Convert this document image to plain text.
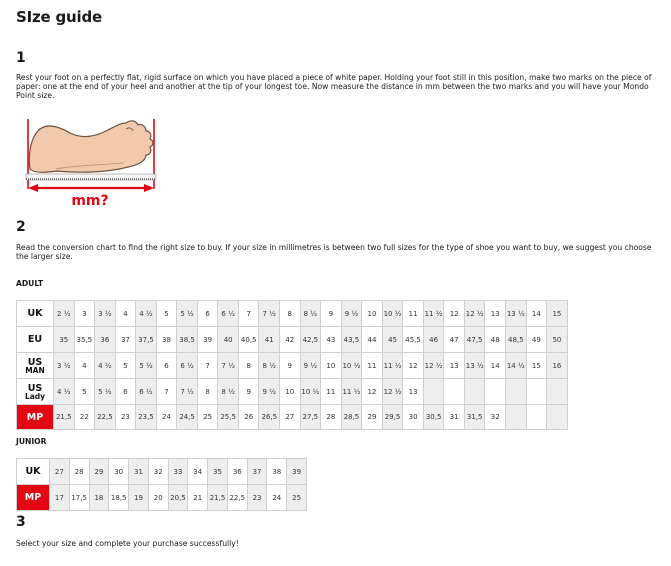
SIze guide
1
Rest your foot on a perfectly flat, rigid surface on which you have placed a piece of white paper. Holding your foot still in this position, make two marks on the piece of paper: one at the end of your heel and another at the tip of your longest toe. Now measure the distance in mm between the two marks and you will have your Mondo Point size.
mm?
2
Read the conversion chart to find the right size to buy. If your size in millimetres is between two full sizes for the type of shoe you want to buy, we suggest you choose the larger size.
ADULT
UK	2 ½	3	3 ½	4	4 ½	5	5 ½	6	6 ½	7	7 ½	8	8 ½	9	9 ½	10	10 ½	11	11 ½	12	12 ½	13	13 ½	14	15
EU	35	35,5	36	37	37,5	38	38,5	39	40	40,5	41	42	42,5	43	43,5	44	45	45,5	46	47	47,5	48	48,5	49	50
US
MAN	3 ½	4	4 ½	5	5 ½	6	6 ½	7	7 ½	8	8 ½	9	9 ½	10	10 ½	11	11 ½	12	12 ½	13	13 ½	14	14 ½	15	16
US
Lady	4 ½	5	5 ½	6	6 ½	7	7 ½	8	8 ½	9	9 ½	10	10 ½	11	11 ½	12	12 ½	13							
MP	21,5	22	22,5	23	23,5	24	24,5	25	25,5	26	26,5	27	27,5	28	28,5	29	29,5	30	30,5	31	31,5	32			
JUNIOR
UK	27	28	29	30	31	32	33	34	35	36	37	38	39
MP	17	17,5	18	18,5	19	20	20,5	21	21,5	22,5	23	24	25
3
Select your size and complete your purchase successfully!
